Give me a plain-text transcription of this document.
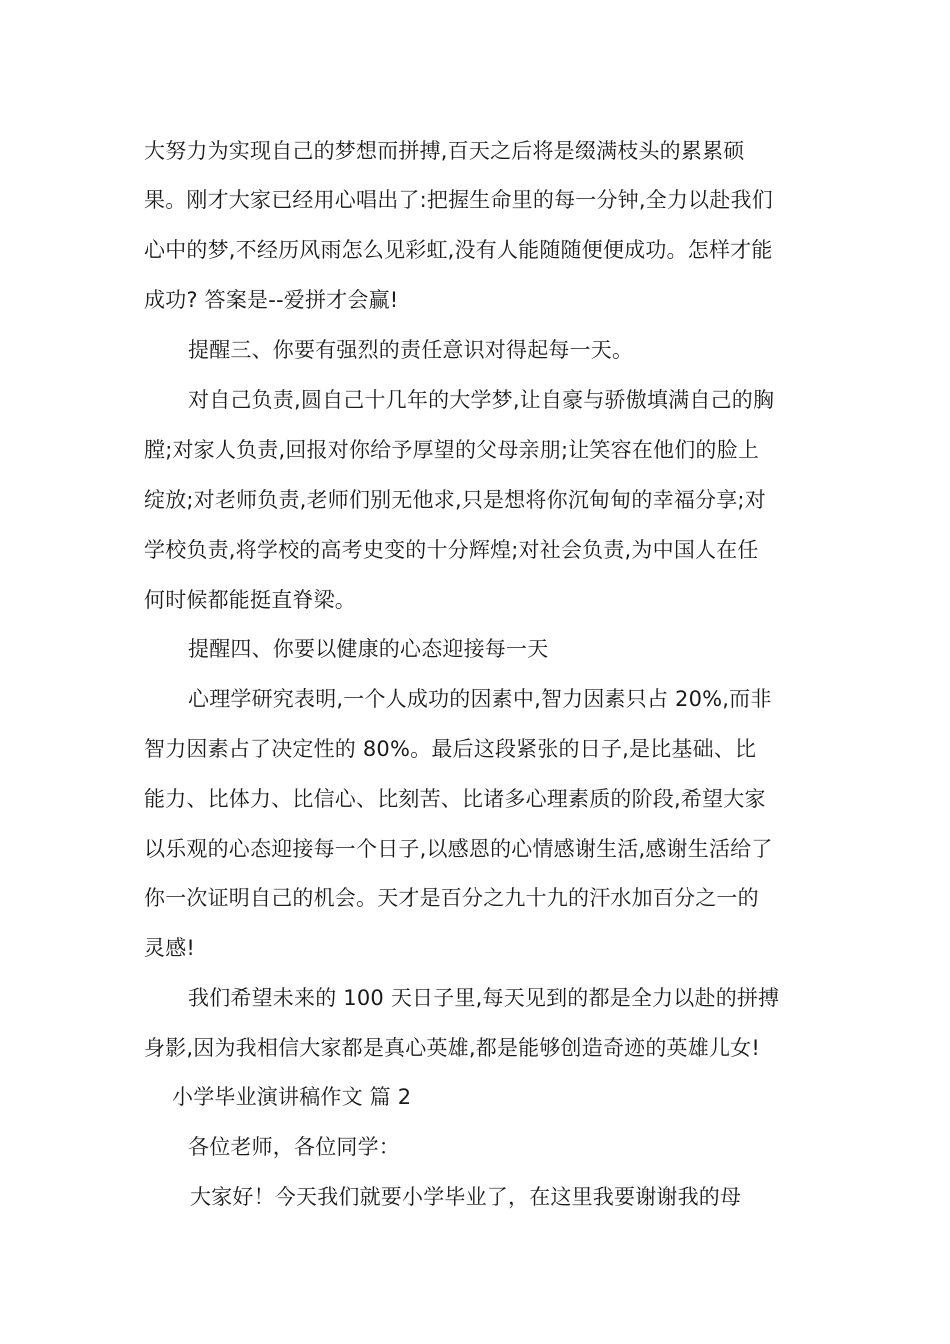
大努力为实现自己的梦想而拼搏,百天之后将是缀满枝头的累累硕
果。刚才大家已经用心唱出了:把握生命里的每一分钟,全力以赴我们
心中的梦,不经历风雨怎么见彩虹,没有人能随随便便成功。怎样才能
成功? 答案是--爱拼才会赢!
提醒三、你要有强烈的责任意识对得起每一天。
对自己负责,圆自己十几年的大学梦,让自豪与骄傲填满自己的胸
膛;对家人负责,回报对你给予厚望的父母亲朋;让笑容在他们的脸上
绽放;对老师负责,老师们别无他求,只是想将你沉甸甸的幸福分享;对
学校负责,将学校的高考史变的十分辉煌;对社会负责,为中国人在任
何时候都能挺直脊梁。
提醒四、你要以健康的心态迎接每一天
心理学研究表明,一个人成功的因素中,智力因素只占 20%,而非
智力因素占了决定性的 80%。最后这段紧张的日子,是比基础、比
能力、比体力、比信心、比刻苦、比诸多心理素质的阶段,希望大家
以乐观的心态迎接每一个日子,以感恩的心情感谢生活,感谢生活给了
你一次证明自己的机会。天才是百分之九十九的汗水加百分之一的
灵感!
我们希望未来的 100 天日子里,每天见到的都是全力以赴的拼搏
身影,因为我相信大家都是真心英雄,都是能够创造奇迹的英雄儿女!
小学毕业演讲稿作文 篇 2
各位老师，各位同学：
大家好！今天我们就要小学毕业了，在这里我要谢谢我的母
